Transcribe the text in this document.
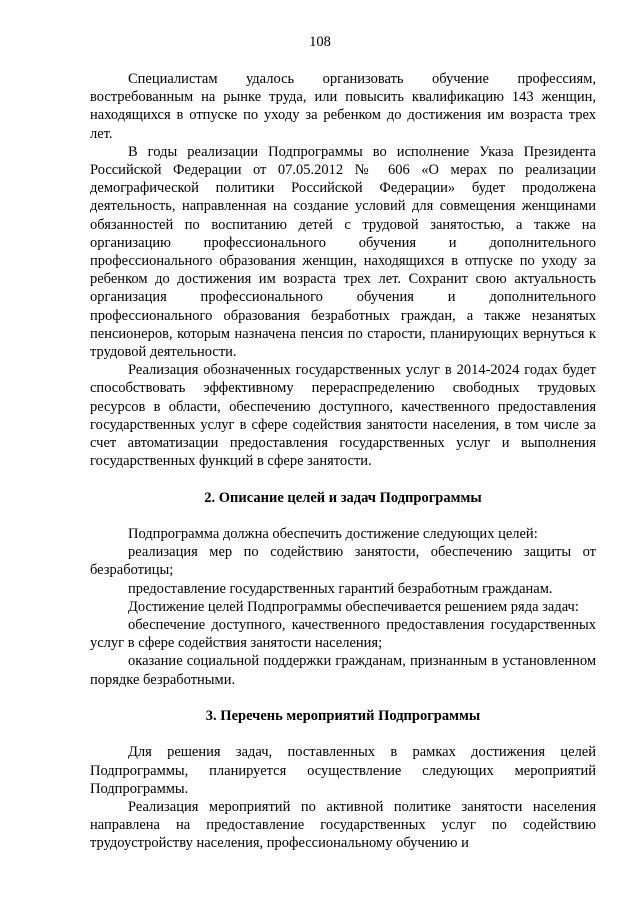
108

Специалистам удалось организовать обучение профессиям, востребованным на рынке труда, или повысить квалификацию 143 женщин, находящихся в отпуске по уходу за ребенком до достижения им возраста трех лет.

В годы реализации Подпрограммы во исполнение Указа Президента Российской Федерации от 07.05.2012 № 606 «О мерах по реализации демографической политики Российской Федерации» будет продолжена деятельность, направленная на создание условий для совмещения женщинами обязанностей по воспитанию детей с трудовой занятостью, а также на организацию профессионального обучения и дополнительного профессионального образования женщин, находящихся в отпуске по уходу за ребенком до достижения им возраста трех лет. Сохранит свою актуальность организация профессионального обучения и дополнительного профессионального образования безработных граждан, а также незанятых пенсионеров, которым назначена пенсия по старости, планирующих вернуться к трудовой деятельности.

Реализация обозначенных государственных услуг в 2014-2024 годах будет способствовать эффективному перераспределению свободных трудовых ресурсов в области, обеспечению доступного, качественного предоставления государственных услуг в сфере содействия занятости населения, в том числе за счет автоматизации предоставления государственных услуг и выполнения государственных функций в сфере занятости.

2. Описание целей и задач Подпрограммы

Подпрограмма должна обеспечить достижение следующих целей:

реализация мер по содействию занятости, обеспечению защиты от безработицы;

предоставление государственных гарантий безработным гражданам.

Достижение целей Подпрограммы обеспечивается решением ряда задач:

обеспечение доступного, качественного предоставления государственных услуг в сфере содействия занятости населения;

оказание социальной поддержки гражданам, признанным в установленном порядке безработными.

3. Перечень мероприятий Подпрограммы

Для решения задач, поставленных в рамках достижения целей Подпрограммы, планируется осуществление следующих мероприятий Подпрограммы.

Реализация мероприятий по активной политике занятости населения направлена на предоставление государственных услуг по содействию трудоустройству населения, профессиональному обучению и
